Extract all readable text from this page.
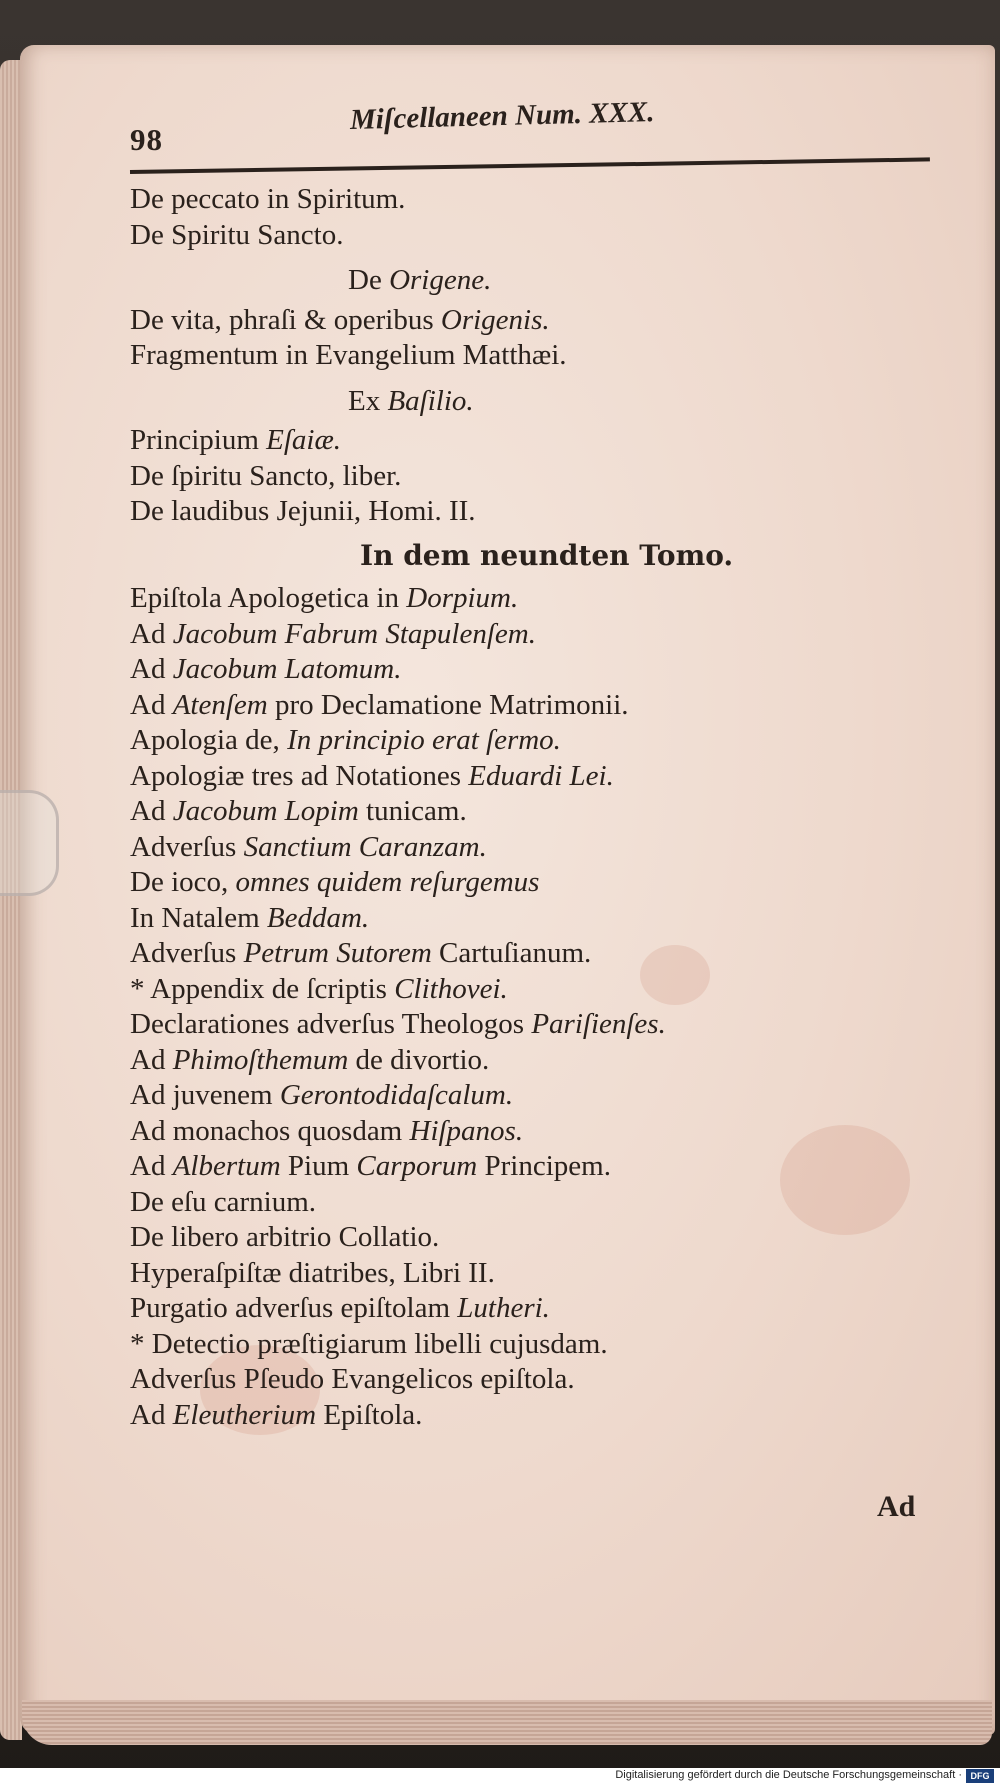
98
Miſcellaneen Num. XXX.
De peccato in Spiritum.
De Spiritu Sancto.
De Origene.
De vita, phraſi & operibus Origenis.
Fragmentum in Evangelium Matthæi.
Ex Baſilio.
Principium Eſaiæ.
De ſpiritu Sancto, liber.
De laudibus Jejunii, Homi. II.
In dem neundten Tomo.
Epiſtola Apologetica in Dorpium.
Ad Jacobum Fabrum Stapulenſem.
Ad Jacobum Latomum.
Ad Atenſem pro Declamatione Matrimonii.
Apologia de, In principio erat ſermo.
Apologiæ tres ad Notationes Eduardi Lei.
Ad Jacobum Lopim tunicam.
Adverſus Sanctium Caranzam.
De ioco, omnes quidem reſurgemus
In Natalem Beddam.
Adverſus Petrum Sutorem Cartuſianum.
* Appendix de ſcriptis Clithovei.
Declarationes adverſus Theologos Pariſienſes.
Ad Phimoſthemum de divortio.
Ad juvenem Gerontodidaſcalum.
Ad monachos quosdam Hiſpanos.
Ad Albertum Pium Carporum Principem.
De eſu carnium.
De libero arbitrio Collatio.
Hyperaſpiſtæ diatribes, Libri II.
Purgatio adverſus epiſtolam Lutheri.
* Detectio præſtigiarum libelli cujusdam.
Adverſus Pſeudo Evangelicos epiſtola.
Ad Eleutherium Epiſtola.
Ad
Digitalisierung gefördert durch die Deutsche Forschungsgemeinschaft · DFG
